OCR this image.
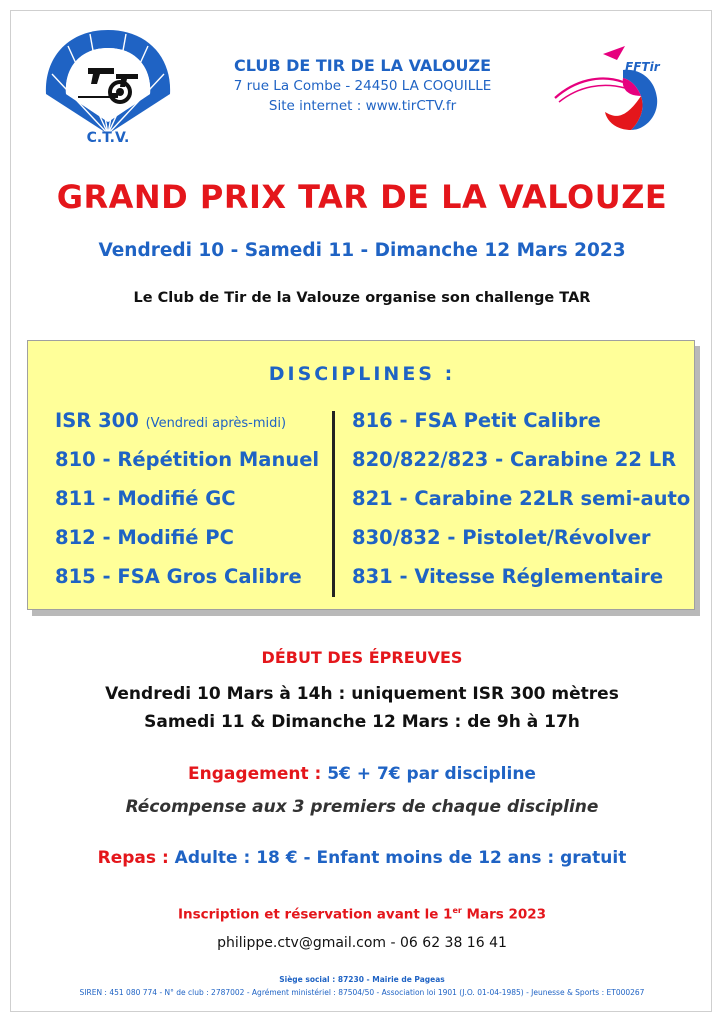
C.T.V.
CLUB DE TIR DE LA VALOUZE
7 rue La Combe - 24450 LA COQUILLE
Site internet : www.tirCTV.fr
FFTir
GRAND PRIX TAR DE LA VALOUZE
Vendredi 10 - Samedi 11 - Dimanche 12 Mars 2023
Le Club de Tir de la Valouze organise son challenge TAR
DISCIPLINES :
ISR 300 (Vendredi après-midi)
810 - Répétition Manuel
811 - Modifié GC
812 - Modifié PC
815 - FSA Gros Calibre
816 - FSA Petit Calibre
820/822/823 - Carabine 22 LR
821 - Carabine 22LR semi-auto
830/832 - Pistolet/Révolver
831 - Vitesse Réglementaire
DÉBUT DES ÉPREUVES
Vendredi 10 Mars à 14h : uniquement ISR 300 mètres
Samedi 11 & Dimanche 12 Mars : de 9h à 17h
Engagement : 5€ + 7€ par discipline
Récompense aux 3 premiers de chaque discipline
Repas : Adulte : 18 € - Enfant moins de 12 ans : gratuit
Inscription et réservation avant le 1er Mars 2023
philippe.ctv@gmail.com - 06 62 38 16 41
Siège social : 87230 - Mairie de Pageas
SIREN : 451 080 774 - N° de club : 2787002 - Agrément ministériel : 87504/50 - Association loi 1901 (J.O. 01-04-1985) - Jeunesse & Sports : ET000267
